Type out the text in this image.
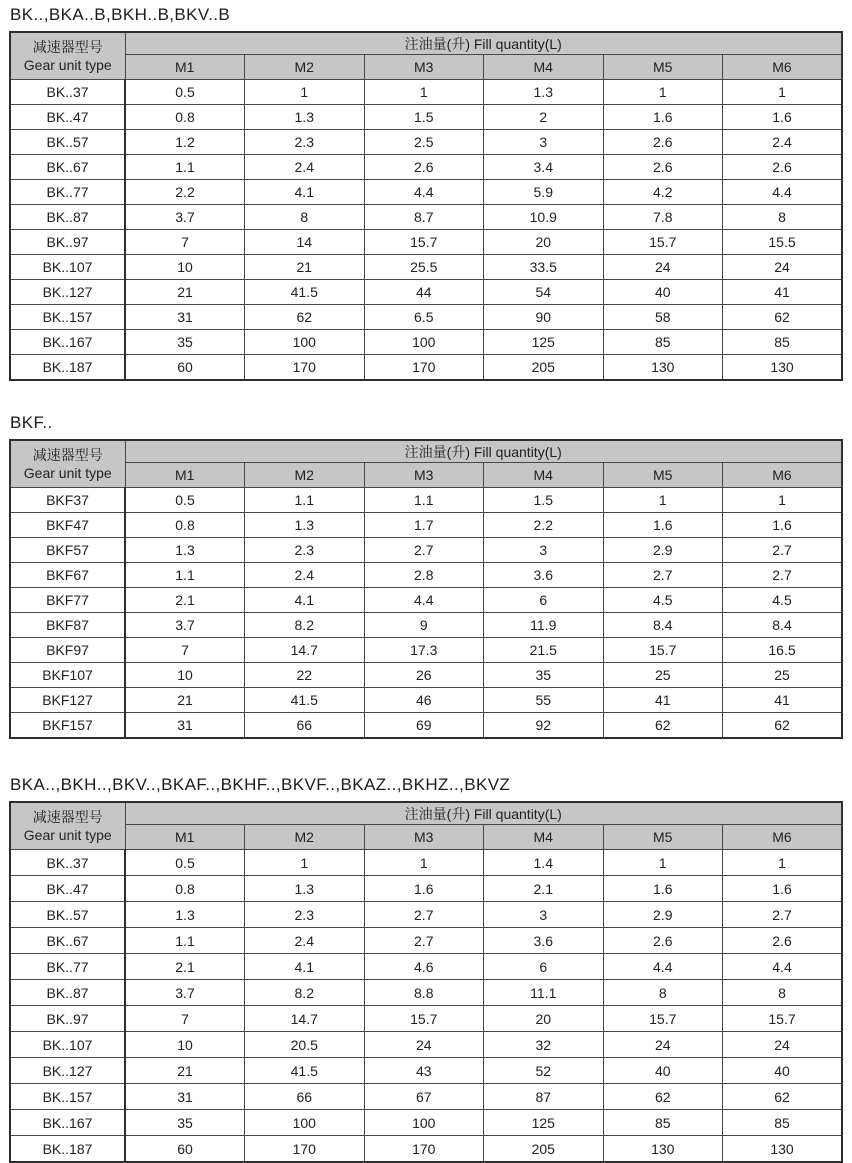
BK..,BKA..B,BKH..B,BKV..B
减速器型号
Gear unit type	注油量(升) Fill quantity(L)					
	M1	M2	M3	M4	M5	M6
BK..37	0.5	1	1	1.3	1	1
BK..47	0.8	1.3	1.5	2	1.6	1.6
BK..57	1.2	2.3	2.5	3	2.6	2.4
BK..67	1.1	2.4	2.6	3.4	2.6	2.6
BK..77	2.2	4.1	4.4	5.9	4.2	4.4
BK..87	3.7	8	8.7	10.9	7.8	8
BK..97	7	14	15.7	20	15.7	15.5
BK..107	10	21	25.5	33.5	24	24
BK..127	21	41.5	44	54	40	41
BK..157	31	62	6.5	90	58	62
BK..167	35	100	100	125	85	85
BK..187	60	170	170	205	130	130
BKF..
减速器型号
Gear unit type	注油量(升) Fill quantity(L)					
	M1	M2	M3	M4	M5	M6
BKF37	0.5	1.1	1.1	1.5	1	1
BKF47	0.8	1.3	1.7	2.2	1.6	1.6
BKF57	1.3	2.3	2.7	3	2.9	2.7
BKF67	1.1	2.4	2.8	3.6	2.7	2.7
BKF77	2.1	4.1	4.4	6	4.5	4.5
BKF87	3.7	8.2	9	11.9	8.4	8.4
BKF97	7	14.7	17.3	21.5	15.7	16.5
BKF107	10	22	26	35	25	25
BKF127	21	41.5	46	55	41	41
BKF157	31	66	69	92	62	62
BKA..,BKH..,BKV..,BKAF..,BKHF..,BKVF..,BKAZ..,BKHZ..,BKVZ
减速器型号
Gear unit type	注油量(升) Fill quantity(L)					
	M1	M2	M3	M4	M5	M6
BK..37	0.5	1	1	1.4	1	1
BK..47	0.8	1.3	1.6	2.1	1.6	1.6
BK..57	1.3	2.3	2.7	3	2.9	2.7
BK..67	1.1	2.4	2.7	3.6	2.6	2.6
BK..77	2.1	4.1	4.6	6	4.4	4.4
BK..87	3.7	8.2	8.8	11.1	8	8
BK..97	7	14.7	15.7	20	15.7	15.7
BK..107	10	20.5	24	32	24	24
BK..127	21	41.5	43	52	40	40
BK..157	31	66	67	87	62	62
BK..167	35	100	100	125	85	85
BK..187	60	170	170	205	130	130
